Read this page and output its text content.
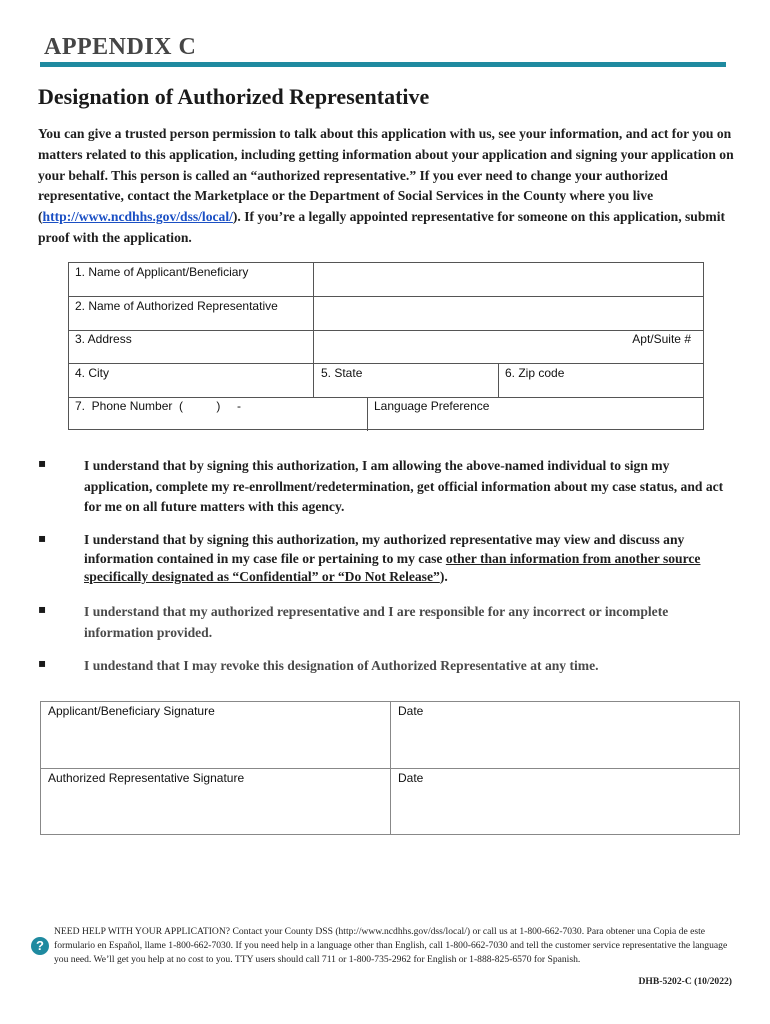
APPENDIX C
Designation of Authorized Representative
You can give a trusted person permission to talk about this application with us, see your information, and act for you on matters related to this application, including getting information about your application and signing your application on your behalf. This person is called an “authorized representative.” If you ever need to change your authorized representative, contact the Marketplace or the Department of Social Services in the County where you live (http://www.ncdhhs.gov/dss/local/). If you’re a legally appointed representative for someone on this application, submit proof with the application.
1. Name of Applicant/Beneficiary
2. Name of Authorized Representative
3. Address	Apt/Suite #
4. City	5. State	6. Zip code
7.  Phone Number  (          )     -	Language Preference
▪	I understand that by signing this authorization, I am allowing the above-named individual to sign my application, complete my re-enrollment/redetermination, get official information about my case status, and act for me on all future matters with this agency.
▪	I understand that by signing this authorization, my authorized representative may view and discuss any information contained in my case file or pertaining to my case other than information from another source specifically designated as “Confidential” or “Do Not Release”).
▪	I understand that my authorized representative and I are responsible for any incorrect or incomplete information provided.
▪	I undestand that I may revoke this designation of Authorized Representative at any time.
Applicant/Beneficiary Signature	Date
Authorized Representative Signature	Date
?
NEED HELP WITH YOUR APPLICATION? Contact your County DSS (http://www.ncdhhs.gov/dss/local/) or call us at 1-800-662-7030. Para obtener una Copia de este formulario en Español, llame 1-800-662-7030. If you need help in a language other than English, call 1-800-662-7030 and tell the customer service representative the language you need. We’ll get you help at no cost to you. TTY users should call 711 or 1-800-735-2962 for English or 1-888-825-6570 for Spanish.
DHB-5202-C (10/2022)
